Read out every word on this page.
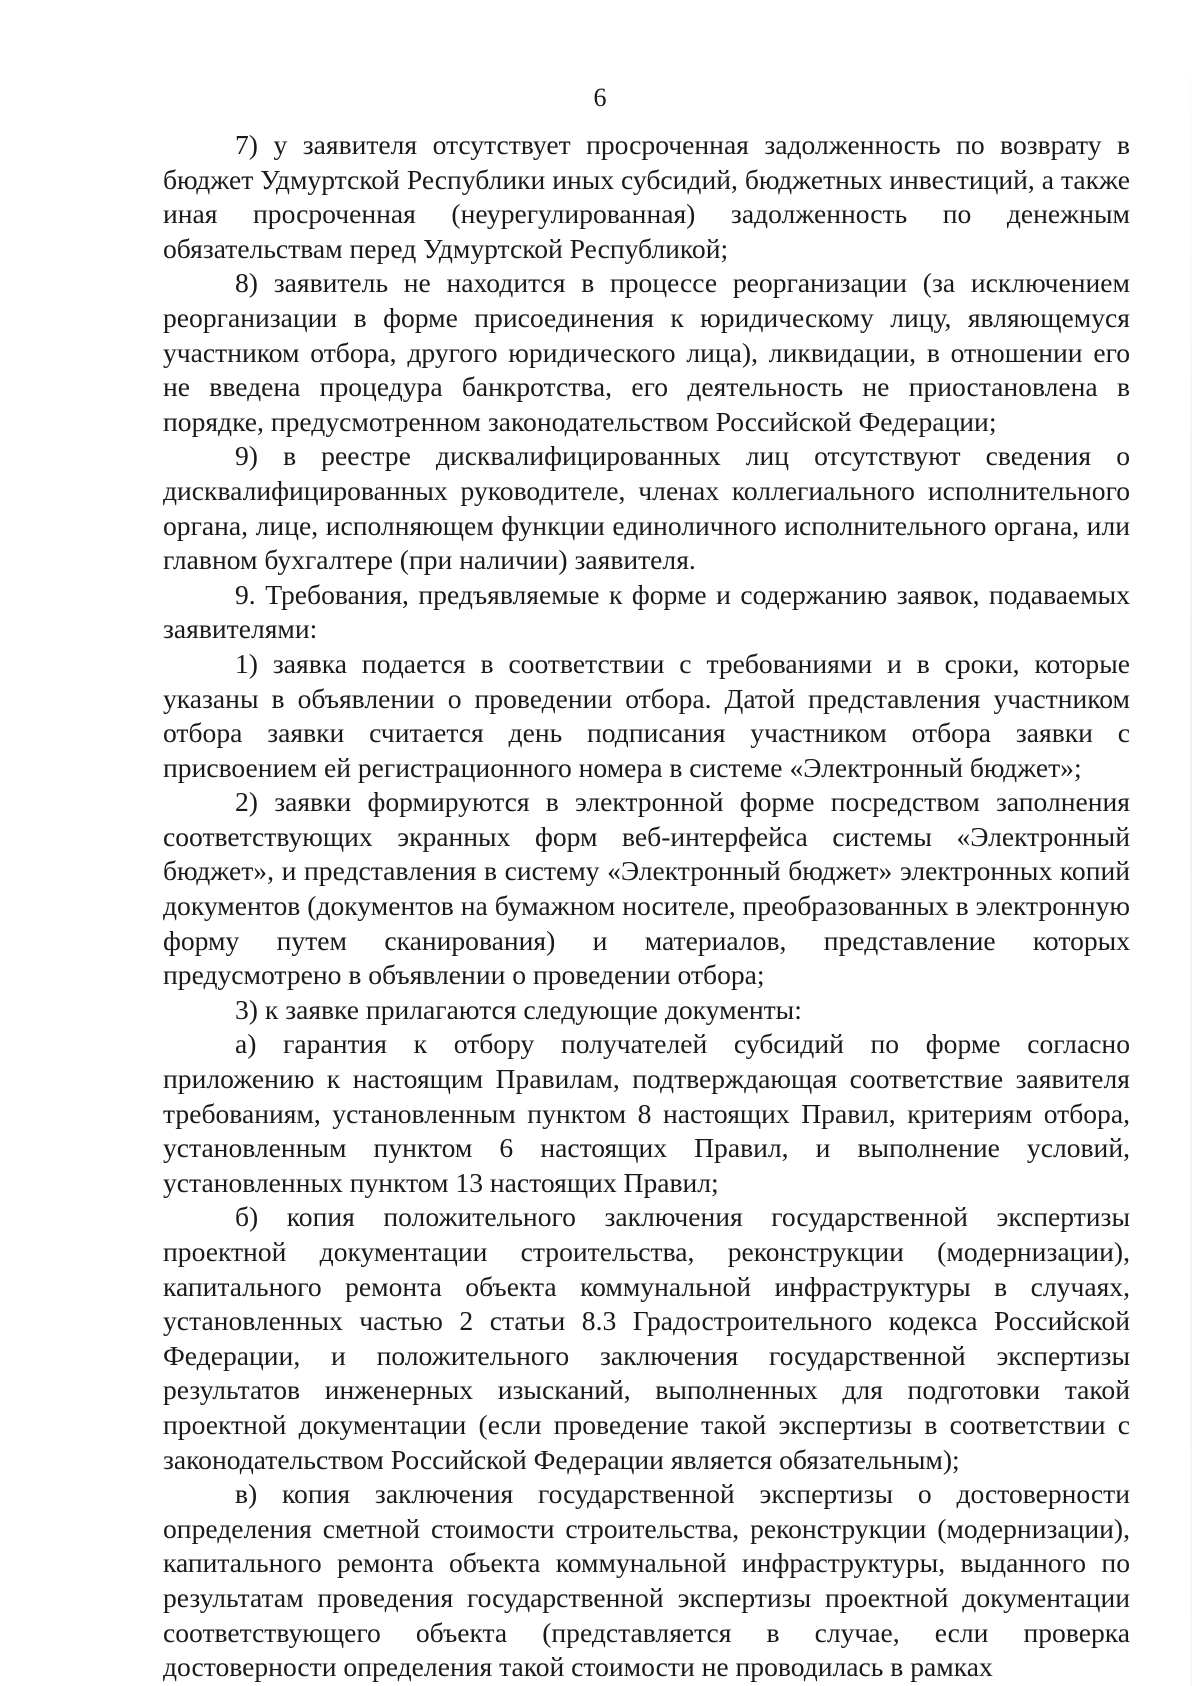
6

7) у заявителя отсутствует просроченная задолженность по возврату в бюджет Удмуртской Республики иных субсидий, бюджетных инвестиций, а также иная просроченная (неурегулированная) задолженность по денежным обязательствам перед Удмуртской Республикой;

8) заявитель не находится в процессе реорганизации (за исключением реорганизации в форме присоединения к юридическому лицу, являющемуся участником отбора, другого юридического лица), ликвидации, в отношении его не введена процедура банкротства, его деятельность не приостановлена в порядке, предусмотренном законодательством Российской Федерации;

9) в реестре дисквалифицированных лиц отсутствуют сведения о дисквалифицированных руководителе, членах коллегиального исполнительного органа, лице, исполняющем функции единоличного исполнительного органа, или главном бухгалтере (при наличии) заявителя.

9. Требования, предъявляемые к форме и содержанию заявок, подаваемых заявителями:

1) заявка подается в соответствии с требованиями и в сроки, которые указаны в объявлении о проведении отбора. Датой представления участником отбора заявки считается день подписания участником отбора заявки с присвоением ей регистрационного номера в системе «Электронный бюджет»;

2) заявки формируются в электронной форме посредством заполнения соответствующих экранных форм веб-интерфейса системы «Электронный бюджет», и представления в систему «Электронный бюджет» электронных копий документов (документов на бумажном носителе, преобразованных в электронную форму путем сканирования) и материалов, представление которых предусмотрено в объявлении о проведении отбора;

3) к заявке прилагаются следующие документы:

а) гарантия к отбору получателей субсидий по форме согласно приложению к настоящим Правилам, подтверждающая соответствие заявителя требованиям, установленным пунктом 8 настоящих Правил, критериям отбора, установленным пунктом 6 настоящих Правил, и выполнение условий, установленных пунктом 13 настоящих Правил;

б) копия положительного заключения государственной экспертизы проектной документации строительства, реконструкции (модернизации), капитального ремонта объекта коммунальной инфраструктуры в случаях, установленных частью 2 статьи 8.3 Градостроительного кодекса Российской Федерации, и положительного заключения государственной экспертизы результатов инженерных изысканий, выполненных для подготовки такой проектной документации (если проведение такой экспертизы в соответствии с законодательством Российской Федерации является обязательным);

в) копия заключения государственной экспертизы о достоверности определения сметной стоимости строительства, реконструкции (модернизации), капитального ремонта объекта коммунальной инфраструктуры, выданного по результатам проведения государственной экспертизы проектной документации соответствующего объекта (представляется в случае, если проверка достоверности определения такой стоимости не проводилась в рамках
